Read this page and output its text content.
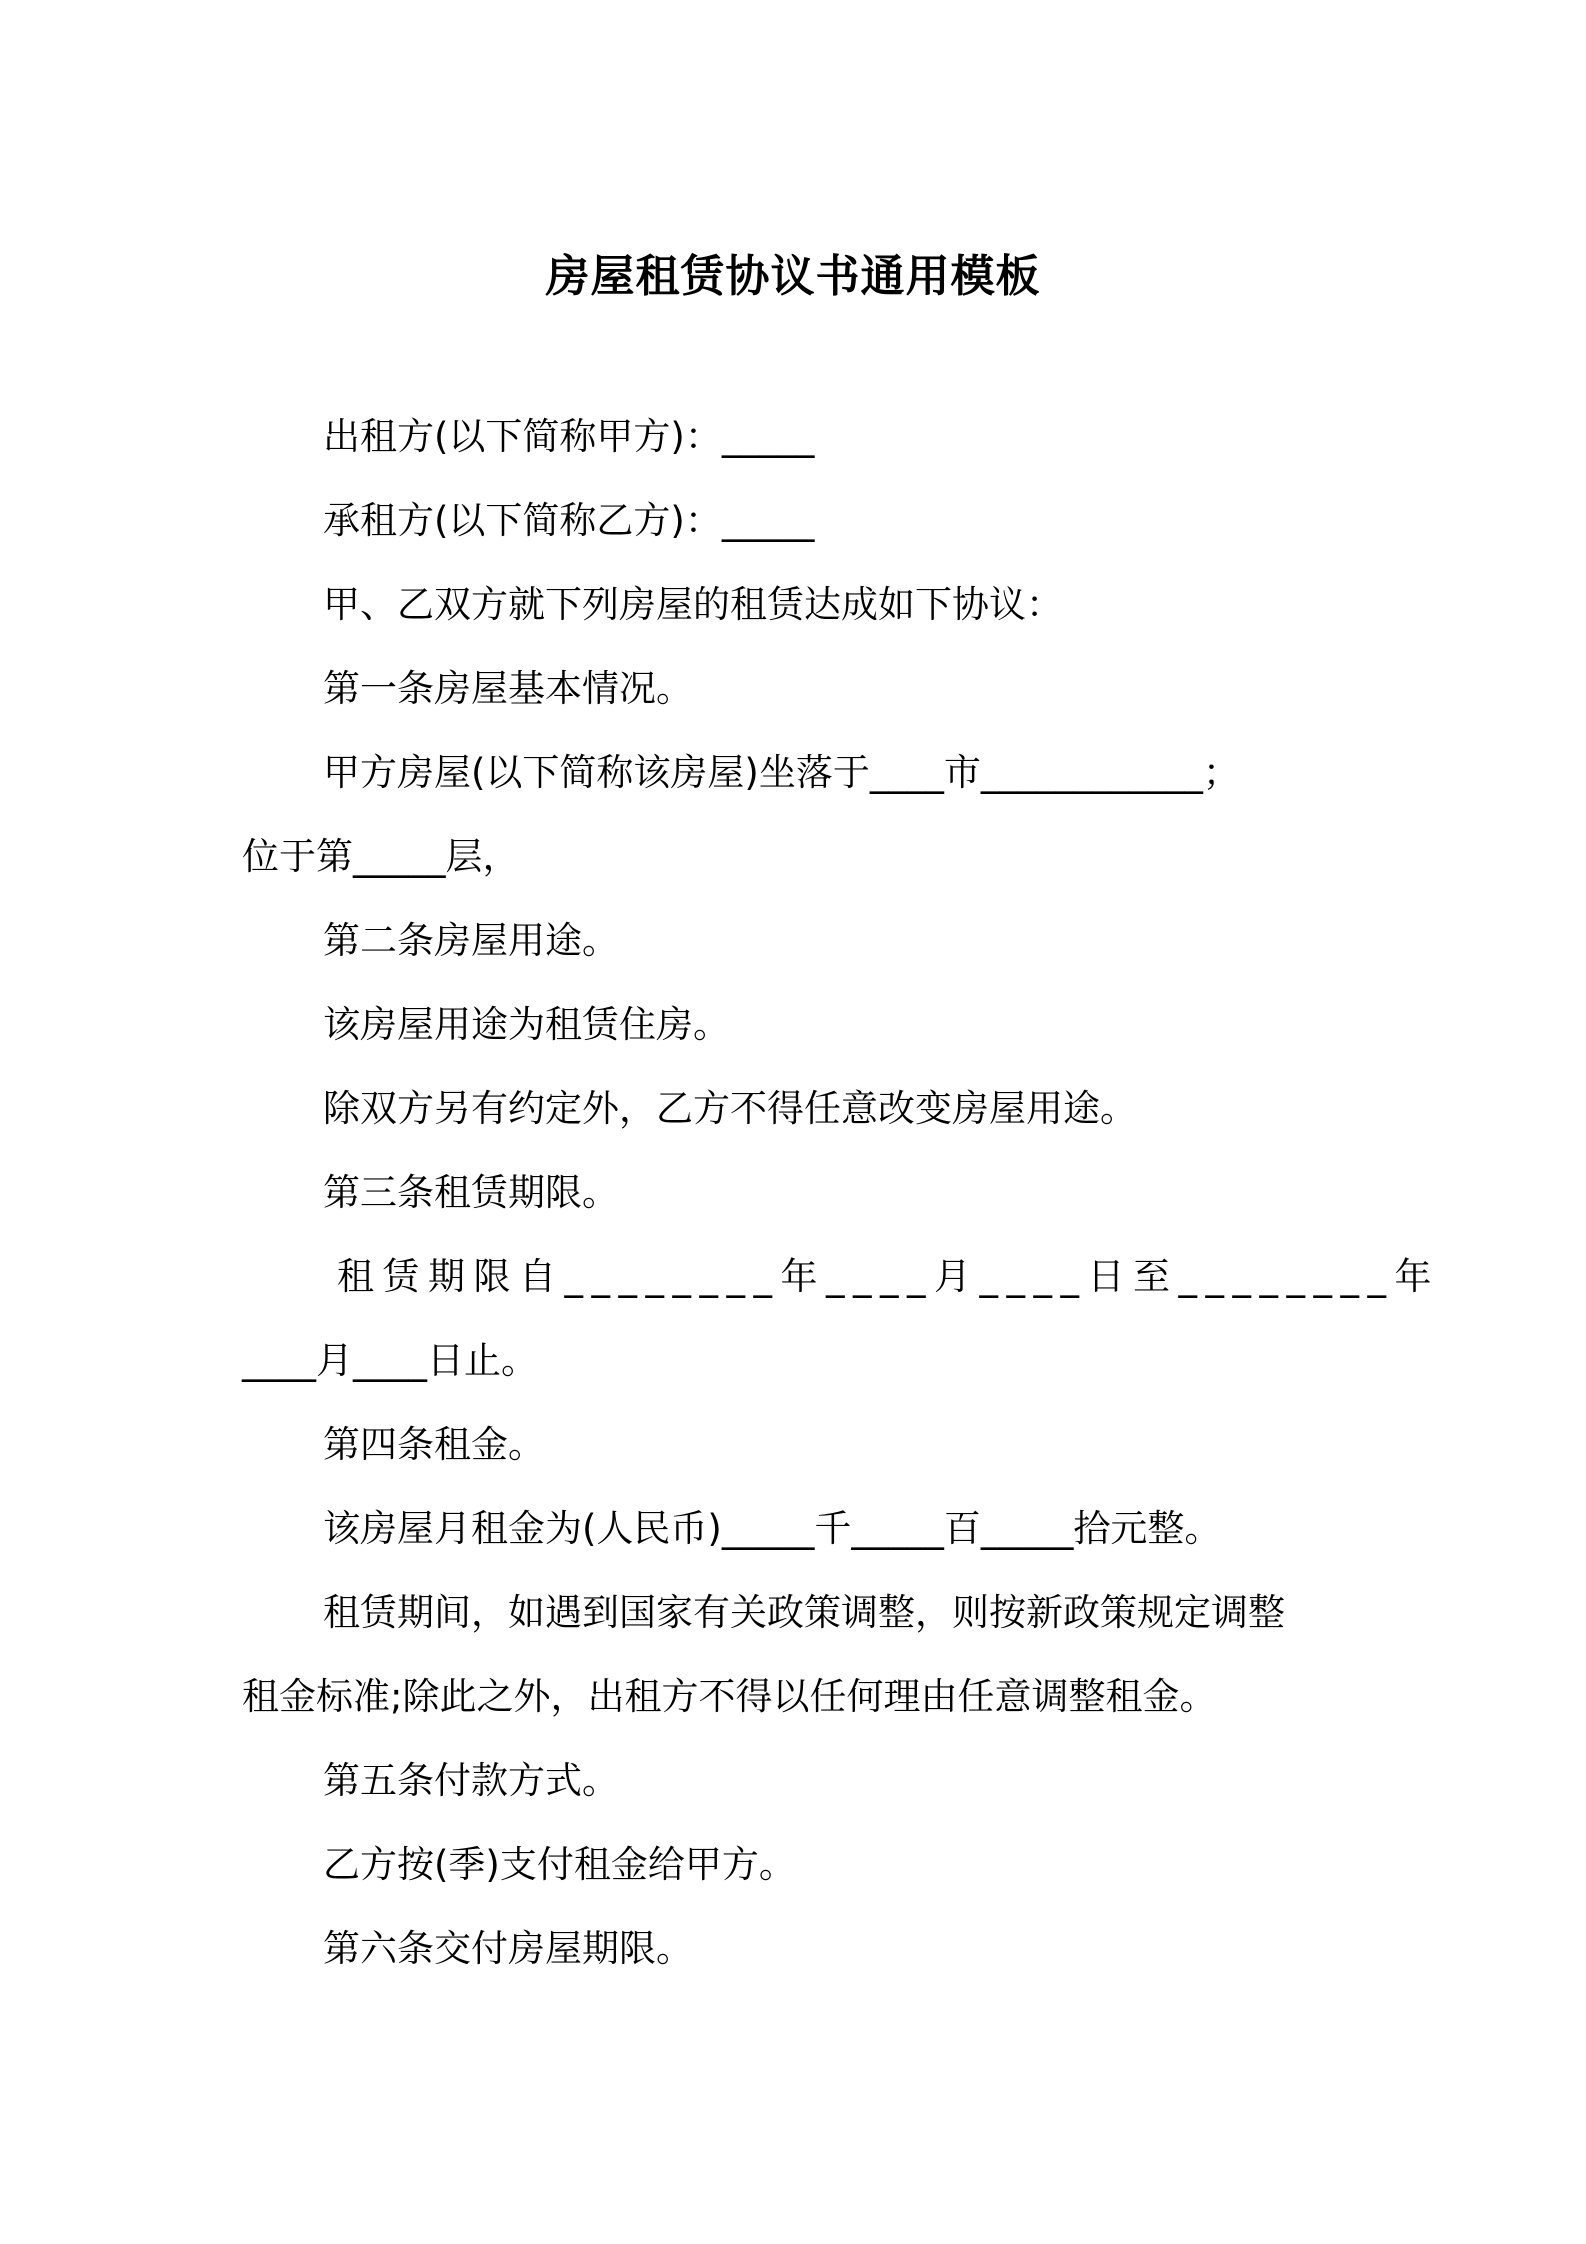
房屋租赁协议书通用模板

出租方(以下简称甲方)：_____

承租方(以下简称乙方)：_____

甲、乙双方就下列房屋的租赁达成如下协议：

第一条房屋基本情况。

甲方房屋(以下简称该房屋)坐落于____市____________；

位于第_____层，

第二条房屋用途。

该房屋用途为租赁住房。

除双方另有约定外，乙方不得任意改变房屋用途。

第三条租赁期限。

租赁期限自________年____月____日至________年

____月____日止。

第四条租金。

该房屋月租金为(人民币)_____千_____百_____拾元整。

租赁期间，如遇到国家有关政策调整，则按新政策规定调整

租金标准;除此之外，出租方不得以任何理由任意调整租金。

第五条付款方式。

乙方按(季)支付租金给甲方。

第六条交付房屋期限。
